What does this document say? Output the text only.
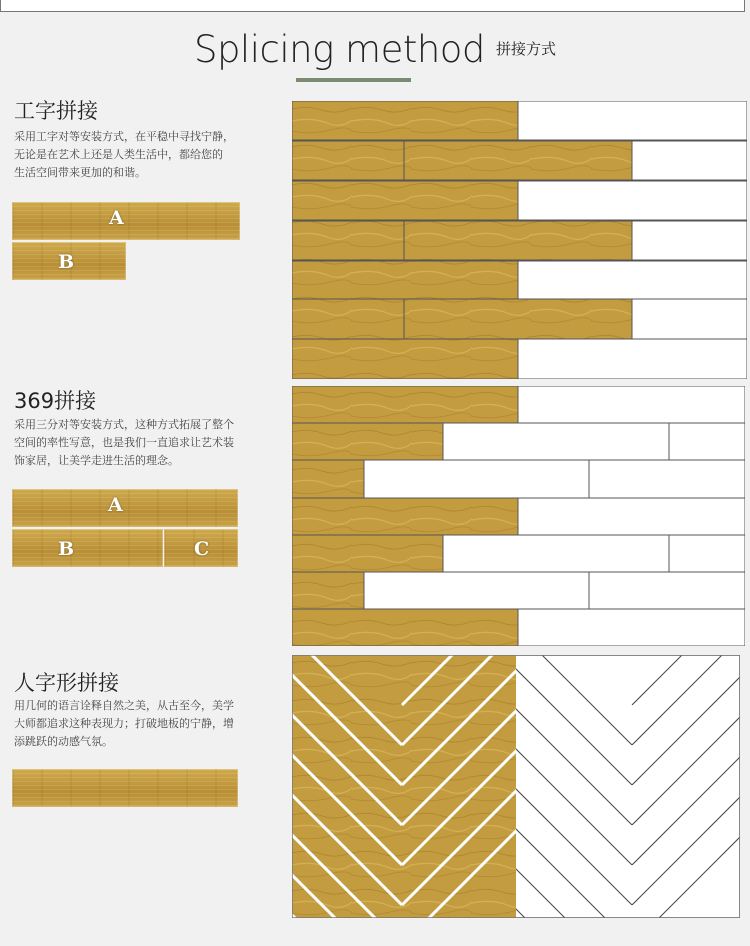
Splicing method 拼接方式
工字拼接
采用工字对等安装方式，在平稳中寻找宁静，
无论是在艺术上还是人类生活中，都给您的
生活空间带来更加的和谐。
A
B
369拼接
采用三分对等安装方式，这种方式拓展了整个
空间的率性写意，也是我们一直追求让艺术装
饰家居，让美学走进生活的理念。
A
B	C
人字形拼接
用几何的语言诠释自然之美，从古至今，美学
大师都追求这种表现力；打破地板的宁静，增
添跳跃的动感气氛。
